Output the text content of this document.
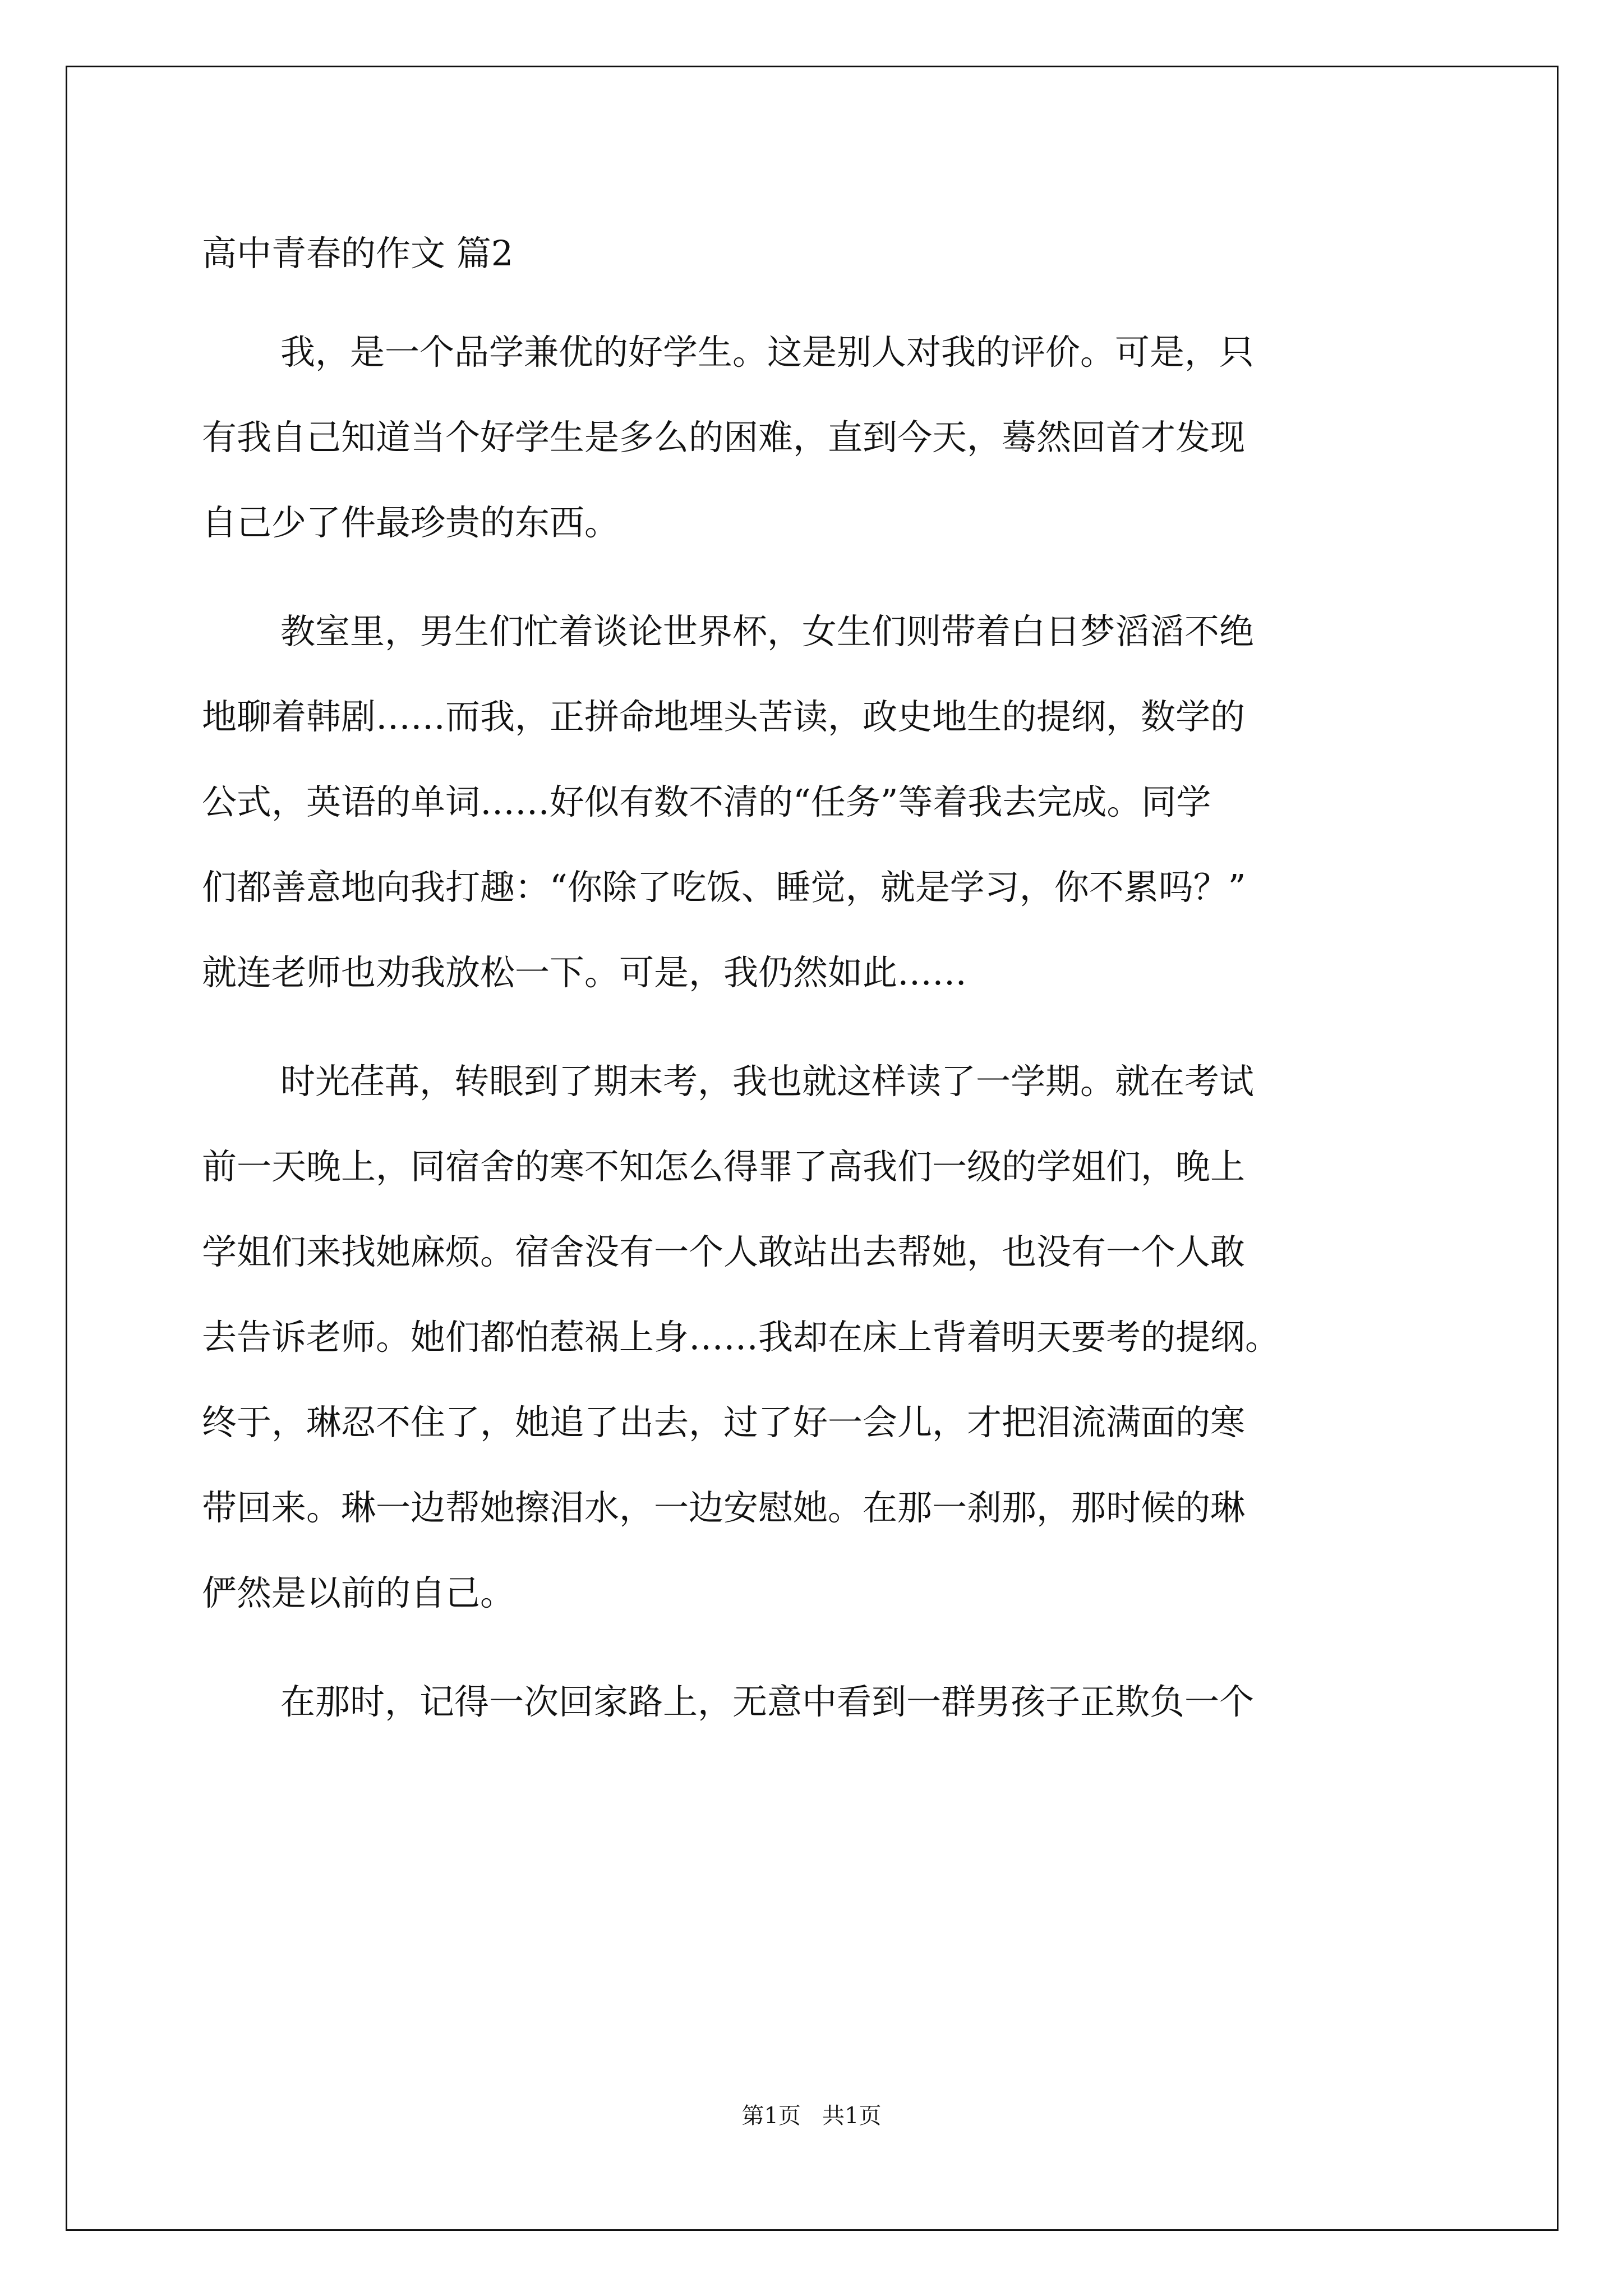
高中青春的作文 篇2
我，是一个品学兼优的好学生。这是别人对我的评价。可是，只
有我自己知道当个好学生是多么的困难，直到今天，蓦然回首才发现
自己少了件最珍贵的东西。
教室里，男生们忙着谈论世界杯，女生们则带着白日梦滔滔不绝
地聊着韩剧……而我，正拼命地埋头苦读，政史地生的提纲，数学的
公式，英语的单词……好似有数不清的“任务”等着我去完成。同学
们都善意地向我打趣：“你除了吃饭、睡觉，就是学习，你不累吗？”
就连老师也劝我放松一下。可是，我仍然如此……
时光荏苒，转眼到了期末考，我也就这样读了一学期。就在考试
前一天晚上，同宿舍的寒不知怎么得罪了高我们一级的学姐们，晚上
学姐们来找她麻烦。宿舍没有一个人敢站出去帮她，也没有一个人敢
去告诉老师。她们都怕惹祸上身……我却在床上背着明天要考的提纲。
终于，琳忍不住了，她追了出去，过了好一会儿，才把泪流满面的寒
带回来。琳一边帮她擦泪水，一边安慰她。在那一刹那，那时候的琳
俨然是以前的自己。
在那时，记得一次回家路上，无意中看到一群男孩子正欺负一个
第1页   共1页
